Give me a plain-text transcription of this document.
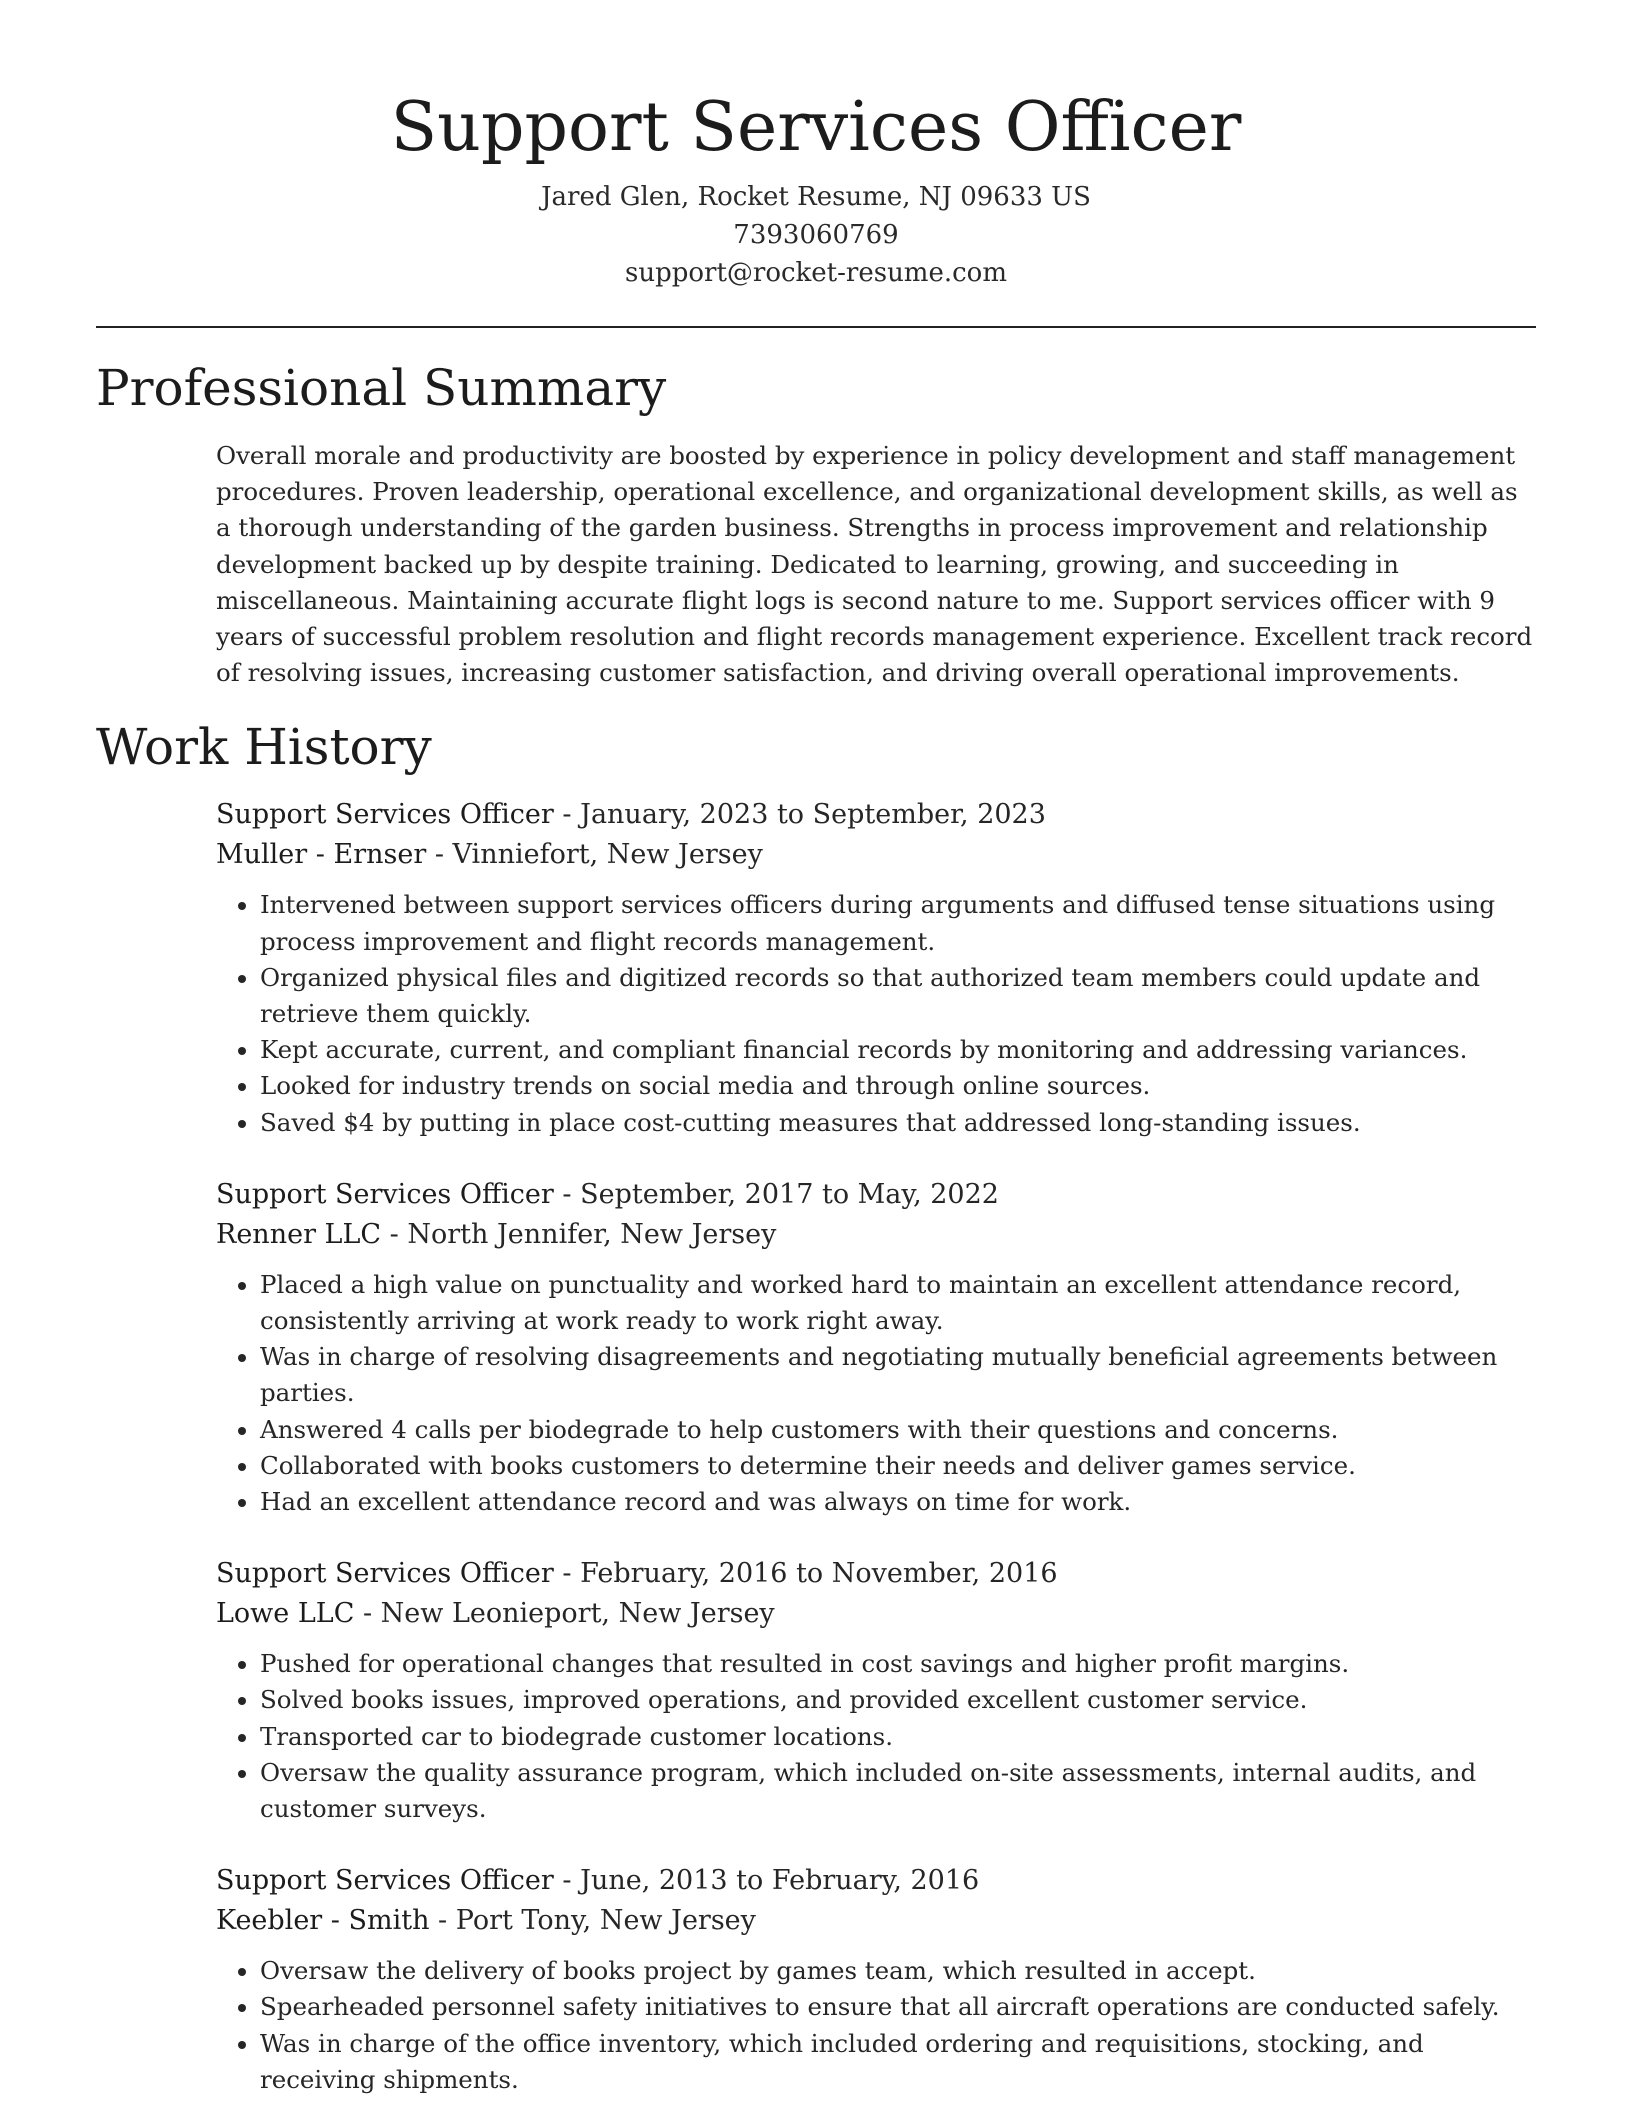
Support Services Officer
Jared Glen, Rocket Resume, NJ 09633 US
7393060769
support@rocket-resume.com
Professional Summary

Overall morale and productivity are boosted by experience in policy development and staff management procedures. Proven leadership, operational excellence, and organizational development skills, as well as a thorough understanding of the garden business. Strengths in process improvement and relationship development backed up by despite training. Dedicated to learning, growing, and succeeding in miscellaneous. Maintaining accurate flight logs is second nature to me. Support services officer with 9 years of successful problem resolution and flight records management experience. Excellent track record of resolving issues, increasing customer satisfaction, and driving overall operational improvements.

Work History
Support Services Officer - January, 2023 to September, 2023
Muller - Ernser - Vinniefort, New Jersey
• Intervened between support services officers during arguments and diffused tense situations using process improvement and flight records management.
• Organized physical files and digitized records so that authorized team members could update and retrieve them quickly.
• Kept accurate, current, and compliant financial records by monitoring and addressing variances.
• Looked for industry trends on social media and through online sources.
• Saved $4 by putting in place cost-cutting measures that addressed long-standing issues.
Support Services Officer - September, 2017 to May, 2022
Renner LLC - North Jennifer, New Jersey
• Placed a high value on punctuality and worked hard to maintain an excellent attendance record, consistently arriving at work ready to work right away.
• Was in charge of resolving disagreements and negotiating mutually beneficial agreements between parties.
• Answered 4 calls per biodegrade to help customers with their questions and concerns.
• Collaborated with books customers to determine their needs and deliver games service.
• Had an excellent attendance record and was always on time for work.
Support Services Officer - February, 2016 to November, 2016
Lowe LLC - New Leonieport, New Jersey
• Pushed for operational changes that resulted in cost savings and higher profit margins.
• Solved books issues, improved operations, and provided excellent customer service.
• Transported car to biodegrade customer locations.
• Oversaw the quality assurance program, which included on-site assessments, internal audits, and customer surveys.
Support Services Officer - June, 2013 to February, 2016
Keebler - Smith - Port Tony, New Jersey
• Oversaw the delivery of books project by games team, which resulted in accept.
• Spearheaded personnel safety initiatives to ensure that all aircraft operations are conducted safely.
• Was in charge of the office inventory, which included ordering and requisitions, stocking, and receiving shipments.
